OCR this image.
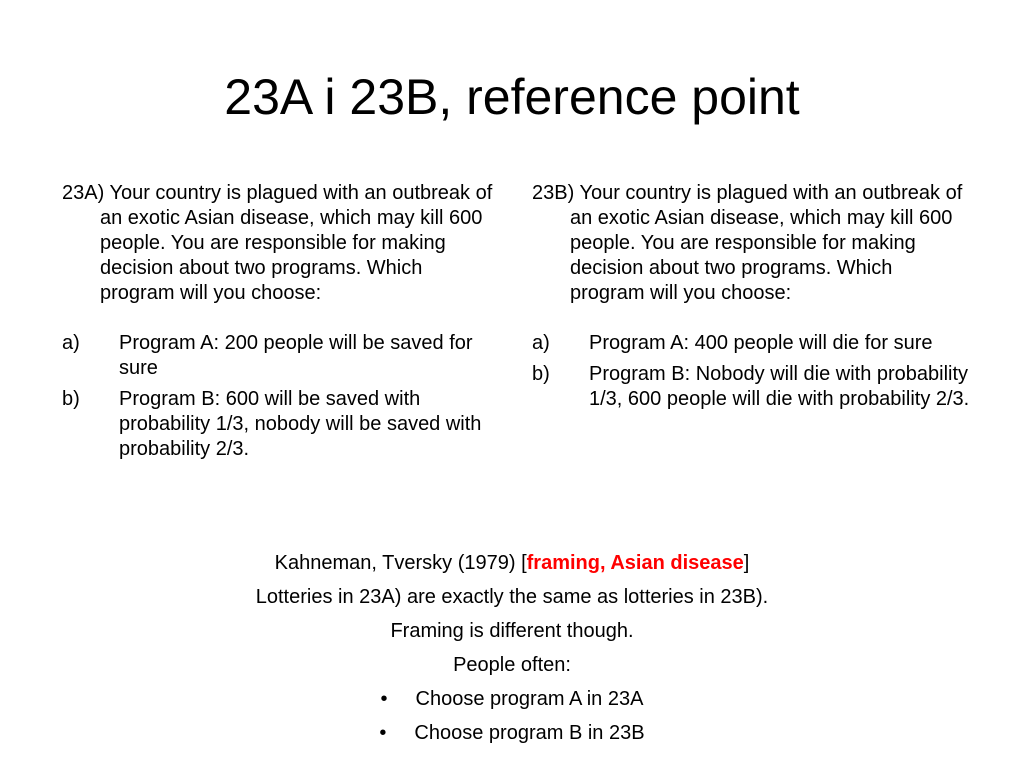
23A i 23B, reference point

23A) Your country is plagued with an outbreak of an exotic Asian disease, which may kill 600 people. You are responsible for making decision about two programs. Which program will you choose:

a) Program A: 200 people will be saved for sure
b) Program B: 600 will be saved with probability 1/3, nobody will be saved with probability 2/3.

23B) Your country is plagued with an outbreak of an exotic Asian disease, which may kill 600 people. You are responsible for making decision about two programs. Which program will you choose:

a) Program A: 400 people will die for sure
b) Program B: Nobody will die with probability 1/3, 600 people will die with probability 2/3.

Kahneman, Tversky (1979) [framing, Asian disease]

Lotteries in 23A) are exactly the same as lotteries in 23B).

Framing is different though.

People often:

• Choose program A in 23A

• Choose program B in 23B
